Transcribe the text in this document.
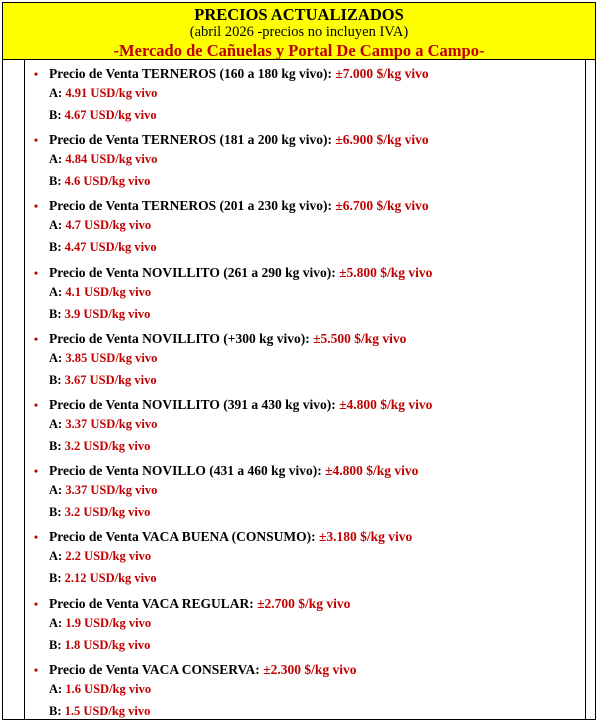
PRECIOS ACTUALIZADOS
(abril 2026 -precios no incluyen IVA)
-Mercado de Cañuelas y Portal De Campo a Campo-
• Precio de Venta TERNEROS (160 a 180 kg vivo): ±7.000 $/kg vivo
A: 4.91 USD/kg vivo
B: 4.67 USD/kg vivo
• Precio de Venta TERNEROS (181 a 200 kg vivo): ±6.900 $/kg vivo
A: 4.84 USD/kg vivo
B: 4.6 USD/kg vivo
• Precio de Venta TERNEROS (201 a 230 kg vivo): ±6.700 $/kg vivo
A: 4.7 USD/kg vivo
B: 4.47 USD/kg vivo
• Precio de Venta NOVILLITO (261 a 290 kg vivo): ±5.800 $/kg vivo
A: 4.1 USD/kg vivo
B: 3.9 USD/kg vivo
• Precio de Venta NOVILLITO (+300 kg vivo): ±5.500 $/kg vivo
A: 3.85 USD/kg vivo
B: 3.67 USD/kg vivo
• Precio de Venta NOVILLITO (391 a 430 kg vivo): ±4.800 $/kg vivo
A: 3.37 USD/kg vivo
B: 3.2 USD/kg vivo
• Precio de Venta NOVILLO (431 a 460 kg vivo): ±4.800 $/kg vivo
A: 3.37 USD/kg vivo
B: 3.2 USD/kg vivo
• Precio de Venta VACA BUENA (CONSUMO): ±3.180 $/kg vivo
A: 2.2 USD/kg vivo
B: 2.12 USD/kg vivo
• Precio de Venta VACA REGULAR: ±2.700 $/kg vivo
A: 1.9 USD/kg vivo
B: 1.8 USD/kg vivo
• Precio de Venta VACA CONSERVA: ±2.300 $/kg vivo
A: 1.6 USD/kg vivo
B: 1.5 USD/kg vivo
